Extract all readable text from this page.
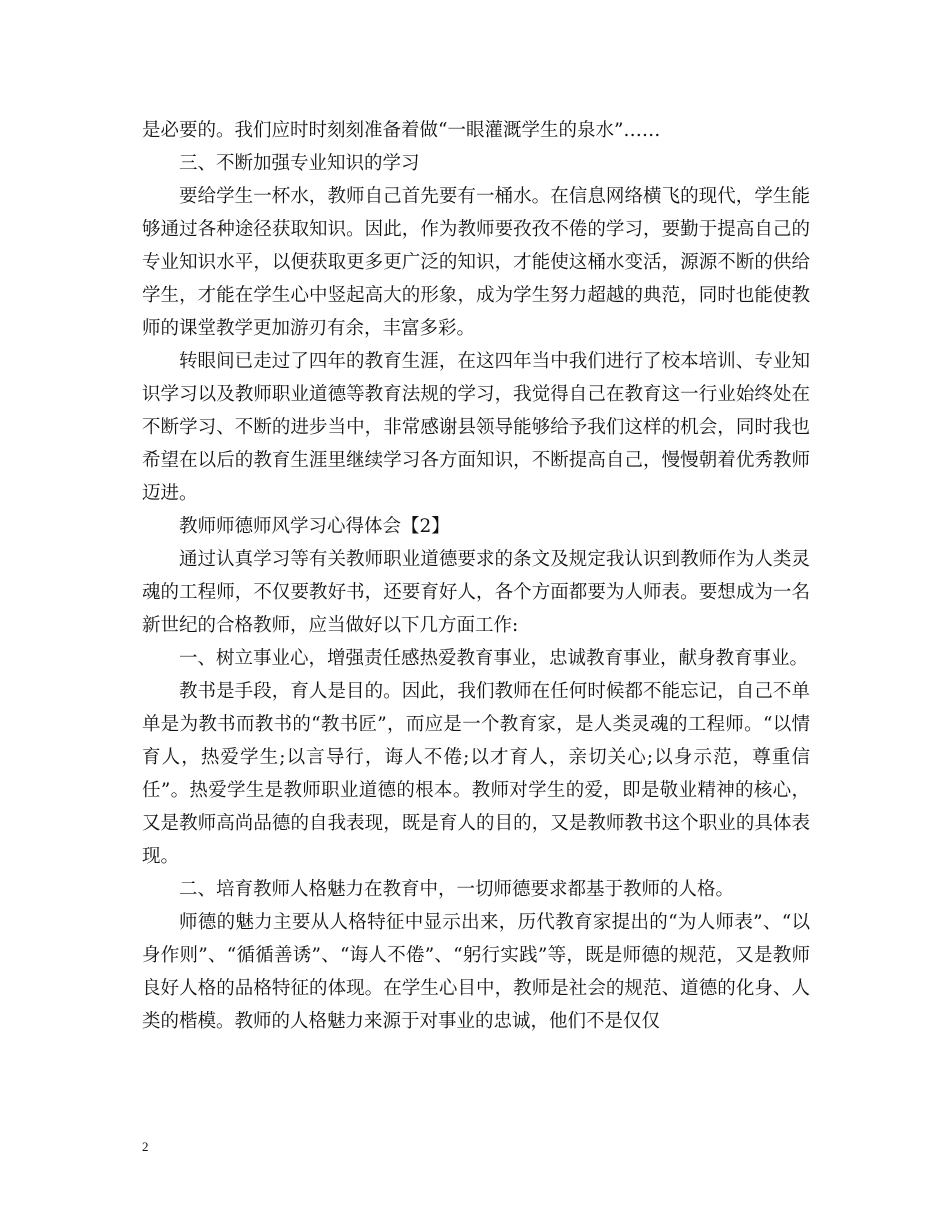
是必要的。我们应时时刻刻准备着做“一眼灌溉学生的泉水”……

三、不断加强专业知识的学习

要给学生一杯水，教师自己首先要有一桶水。在信息网络横飞的现代，学生能够通过各种途径获取知识。因此，作为教师要孜孜不倦的学习，要勤于提高自己的专业知识水平，以便获取更多更广泛的知识，才能使这桶水变活，源源不断的供给学生，才能在学生心中竖起高大的形象，成为学生努力超越的典范，同时也能使教师的课堂教学更加游刃有余，丰富多彩。

转眼间已走过了四年的教育生涯，在这四年当中我们进行了校本培训、专业知识学习以及教师职业道德等教育法规的学习，我觉得自己在教育这一行业始终处在不断学习、不断的进步当中，非常感谢县领导能够给予我们这样的机会，同时我也希望在以后的教育生涯里继续学习各方面知识，不断提高自己，慢慢朝着优秀教师迈进。

教师师德师风学习心得体会【2】

通过认真学习等有关教师职业道德要求的条文及规定我认识到教师作为人类灵魂的工程师，不仅要教好书，还要育好人，各个方面都要为人师表。要想成为一名新世纪的合格教师，应当做好以下几方面工作:

一、树立事业心，增强责任感热爱教育事业，忠诚教育事业，献身教育事业。

教书是手段，育人是目的。因此，我们教师在任何时候都不能忘记，自己不单单是为教书而教书的“教书匠”，而应是一个教育家，是人类灵魂的工程师。“以情育人，热爱学生;以言导行，诲人不倦;以才育人，亲切关心;以身示范，尊重信任”。热爱学生是教师职业道德的根本。教师对学生的爱，即是敬业精神的核心，又是教师高尚品德的自我表现，既是育人的目的，又是教师教书这个职业的具体表现。

二、培育教师人格魅力在教育中，一切师德要求都基于教师的人格。

师德的魅力主要从人格特征中显示出来，历代教育家提出的“为人师表”、“以身作则”、“循循善诱”、“诲人不倦”、“躬行实践”等，既是师德的规范，又是教师良好人格的品格特征的体现。在学生心目中，教师是社会的规范、道德的化身、人类的楷模。教师的人格魅力来源于对事业的忠诚，他们不是仅仅

2
